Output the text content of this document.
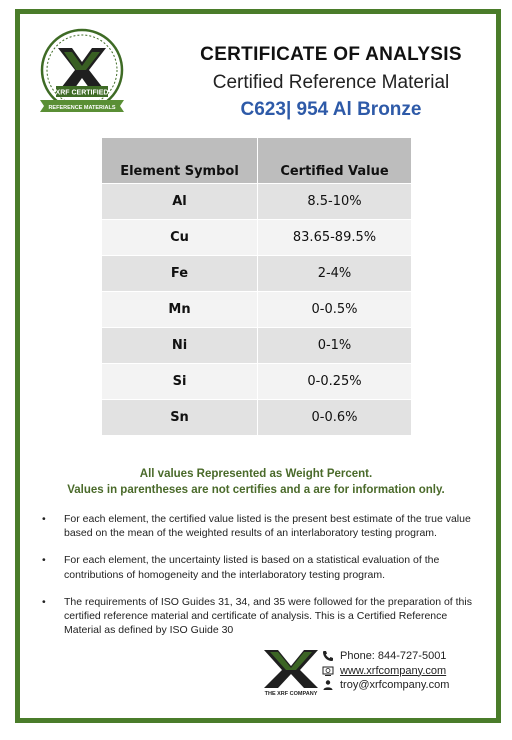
XRF CERTIFIED
REFERENCE MATERIALS
CERTIFICATE OF ANALYSIS
Certified Reference Material
C623| 954 Al Bronze
Element Symbol	Certified Value
Al	8.5-10%
Cu	83.65-89.5%
Fe	2-4%
Mn	0-0.5%
Ni	0-1%
Si	0-0.25%
Sn	0-0.6%
All values Represented as Weight Percent.
Values in parentheses are not certifies and a are for information only.
• For each element, the certified value listed is the present best estimate of the true value based on the mean of the weighted results of an interlaboratory testing program.
• For each element, the uncertainty listed is based on a statistical evaluation of the contributions of homogeneity and the interlaboratory testing program.
• The requirements of ISO Guides 31, 34, and 35 were followed for the preparation of this certified reference material and certificate of analysis. This is a Certified Reference Material as defined by ISO Guide 30
THE XRF COMPANY
Phone: 844-727-5001
www.xrfcompany.com
troy@xrfcompany.com
